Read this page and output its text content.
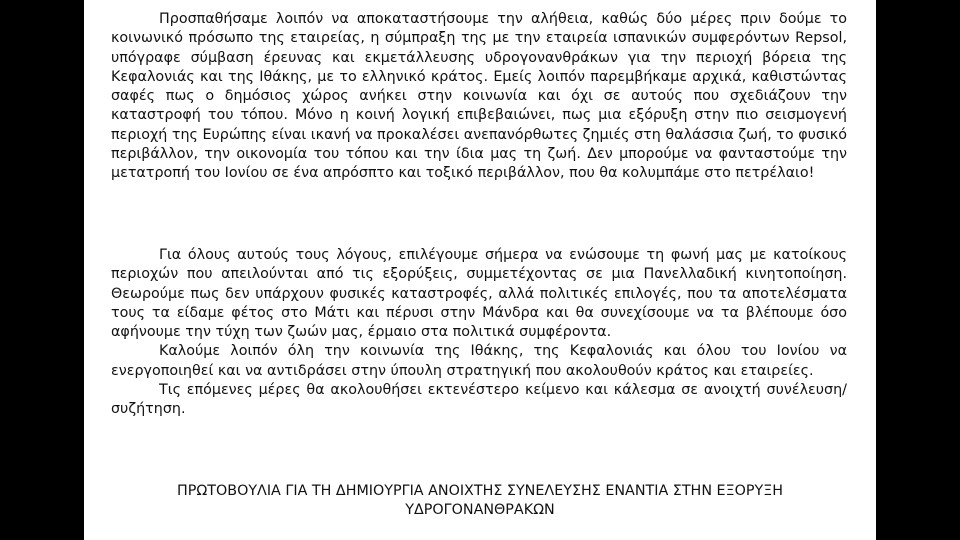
Προσπαθήσαμε λοιπόν να αποκαταστήσουμε την αλήθεια, καθώς δύο μέρες πριν δούμε το κοινωνικό πρόσωπο της εταιρείας, η σύμπραξη της με την εταιρεία ισπανικών συμφερόντων Repsol, υπόγραφε σύμβαση έρευνας και εκμετάλλευσης υδρογονανθράκων για την περιοχή βόρεια της Κεφαλονιάς και της Ιθάκης, με το ελληνικό κράτος. Εμείς λοιπόν παρεμβήκαμε αρχικά, καθιστώντας σαφές πως ο δημόσιος χώρος ανήκει στην κοινωνία και όχι σε αυτούς που σχεδιάζουν την καταστροφή του τόπου. Μόνο η κοινή λογική επιβεβαιώνει, πως μια εξόρυξη στην πιο σεισμογενή περιοχή της Ευρώπης είναι ικανή να προκαλέσει ανεπανόρθωτες ζημιές στη θαλάσσια ζωή, το φυσικό περιβάλλον, την οικονομία του τόπου και την ίδια μας τη ζωή. Δεν μπορούμε να φανταστούμε την μετατροπή του Ιονίου σε ένα απρόσπτο και τοξικό περιβάλλον, που θα κολυμπάμε στο πετρέλαιο!

Για όλους αυτούς τους λόγους, επιλέγουμε σήμερα να ενώσουμε τη φωνή μας με κατοίκους περιοχών που απειλούνται από τις εξορύξεις, συμμετέχοντας σε μια Πανελλαδική κινητοποίηση. Θεωρούμε πως δεν υπάρχουν φυσικές καταστροφές, αλλά πολιτικές επιλογές, που τα αποτελέσματα τους τα είδαμε φέτος στο Μάτι και πέρυσι στην Μάνδρα και θα συνεχίσουμε να τα βλέπουμε όσο αφήνουμε την τύχη των ζωών μας, έρμαιο στα πολιτικά συμφέροντα.

Καλούμε λοιπόν όλη την κοινωνία της Ιθάκης, της Κεφαλονιάς και όλου του Ιονίου να ενεργοποιηθεί και να αντιδράσει στην ύπουλη στρατηγική που ακολουθούν κράτος και εταιρείες.

Τις επόμενες μέρες θα ακολουθήσει εκτενέστερο κείμενο και κάλεσμα σε ανοιχτή συνέλευση/συζήτηση.

ΠΡΩΤΟΒΟΥΛΙΑ ΓΙΑ ΤΗ ΔΗΜΙΟΥΡΓΙΑ ΑΝΟΙΧΤΗΣ ΣΥΝΕΛΕΥΣΗΣ ΕΝΑΝΤΙΑ ΣΤΗΝ ΕΞΟΡΥΞΗ
ΥΔΡΟΓΟΝΑΝΘΡΑΚΩΝ
